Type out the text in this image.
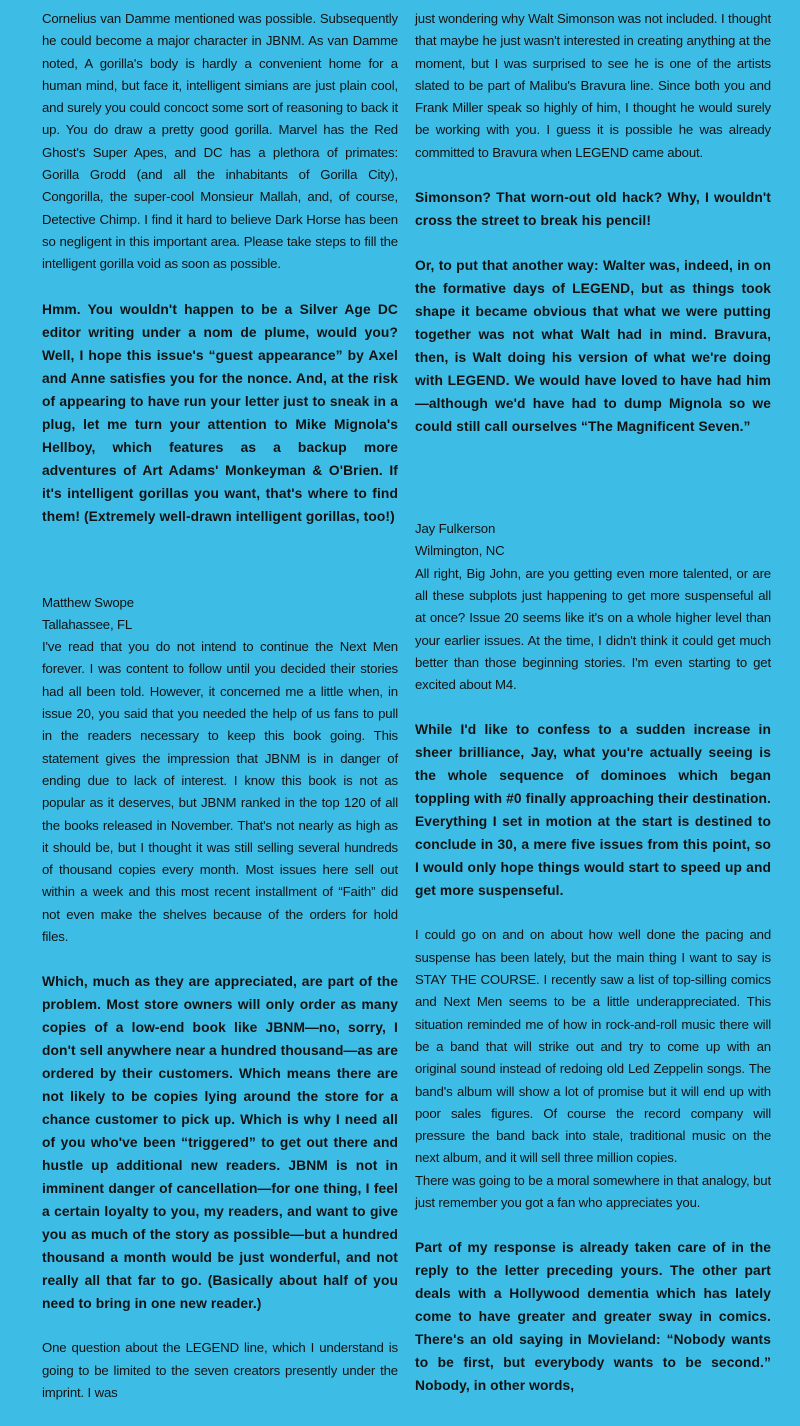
Cornelius van Damme mentioned was possible. Subsequently he could become a major character in JBNM. As van Damme noted, A gorilla's body is hardly a convenient home for a human mind, but face it, intelligent simians are just plain cool, and surely you could concoct some sort of reasoning to back it up. You do draw a pretty good gorilla. Marvel has the Red Ghost's Super Apes, and DC has a plethora of primates: Gorilla Grodd (and all the inhabitants of Gorilla City), Congorilla, the super-cool Monsieur Mallah, and, of course, Detective Chimp. I find it hard to believe Dark Horse has been so negligent in this important area. Please take steps to fill the intelligent gorilla void as soon as possible.

Hmm. You wouldn't happen to be a Silver Age DC editor writing under a nom de plume, would you? Well, I hope this issue's “guest appearance” by Axel and Anne satisfies you for the nonce. And, at the risk of appearing to have run your letter just to sneak in a plug, let me turn your attention to Mike Mignola's Hellboy, which features as a backup more adventures of Art Adams' Monkeyman & O'Brien. If it's intelligent gorillas you want, that's where to find them! (Extremely well-drawn intelligent gorillas, too!)

Matthew Swope
Tallahassee, FL

I've read that you do not intend to continue the Next Men forever. I was content to follow until you decided their stories had all been told. However, it concerned me a little when, in issue 20, you said that you needed the help of us fans to pull in the readers necessary to keep this book going. This statement gives the impression that JBNM is in danger of ending due to lack of interest. I know this book is not as popular as it deserves, but JBNM ranked in the top 120 of all the books released in November. That's not nearly as high as it should be, but I thought it was still selling several hundreds of thousand copies every month. Most issues here sell out within a week and this most recent installment of “Faith” did not even make the shelves because of the orders for hold files.

Which, much as they are appreciated, are part of the problem. Most store owners will only order as many copies of a low-end book like JBNM—no, sorry, I don't sell anywhere near a hundred thousand—as are ordered by their customers. Which means there are not likely to be copies lying around the store for a chance customer to pick up. Which is why I need all of you who've been “triggered” to get out there and hustle up additional new readers. JBNM is not in imminent danger of cancellation—for one thing, I feel a certain loyalty to you, my readers, and want to give you as much of the story as possible—but a hundred thousand a month would be just wonderful, and not really all that far to go. (Basically about half of you need to bring in one new reader.)

One question about the LEGEND line, which I understand is going to be limited to the seven creators presently under the imprint. I was

just wondering why Walt Simonson was not included. I thought that maybe he just wasn't interested in creating anything at the moment, but I was surprised to see he is one of the artists slated to be part of Malibu's Bravura line. Since both you and Frank Miller speak so highly of him, I thought he would surely be working with you. I guess it is possible he was already committed to Bravura when LEGEND came about.

Simonson? That worn-out old hack? Why, I wouldn't cross the street to break his pencil!

Or, to put that another way: Walter was, indeed, in on the formative days of LEGEND, but as things took shape it became obvious that what we were putting together was not what Walt had in mind. Bravura, then, is Walt doing his version of what we're doing with LEGEND. We would have loved to have had him—although we'd have had to dump Mignola so we could still call ourselves “The Magnificent Seven.”

Jay Fulkerson
Wilmington, NC

All right, Big John, are you getting even more talented, or are all these subplots just happening to get more suspenseful all at once? Issue 20 seems like it's on a whole higher level than your earlier issues. At the time, I didn't think it could get much better than those beginning stories. I'm even starting to get excited about M4.

While I'd like to confess to a sudden increase in sheer brilliance, Jay, what you're actually seeing is the whole sequence of dominoes which began toppling with #0 finally approaching their destination. Everything I set in motion at the start is destined to conclude in 30, a mere five issues from this point, so I would only hope things would start to speed up and get more suspenseful.

I could go on and on about how well done the pacing and suspense has been lately, but the main thing I want to say is STAY THE COURSE. I recently saw a list of top-silling comics and Next Men seems to be a little underappreciated. This situation reminded me of how in rock-and-roll music there will be a band that will strike out and try to come up with an original sound instead of redoing old Led Zeppelin songs. The band's album will show a lot of promise but it will end up with poor sales figures. Of course the record company will pressure the band back into stale, traditional music on the next album, and it will sell three million copies.

There was going to be a moral somewhere in that analogy, but just remember you got a fan who appreciates you.

Part of my response is already taken care of in the reply to the letter preceding yours. The other part deals with a Hollywood dementia which has lately come to have greater and greater sway in comics. There's an old saying in Movieland: “Nobody wants to be first, but everybody wants to be second.” Nobody, in other words,
